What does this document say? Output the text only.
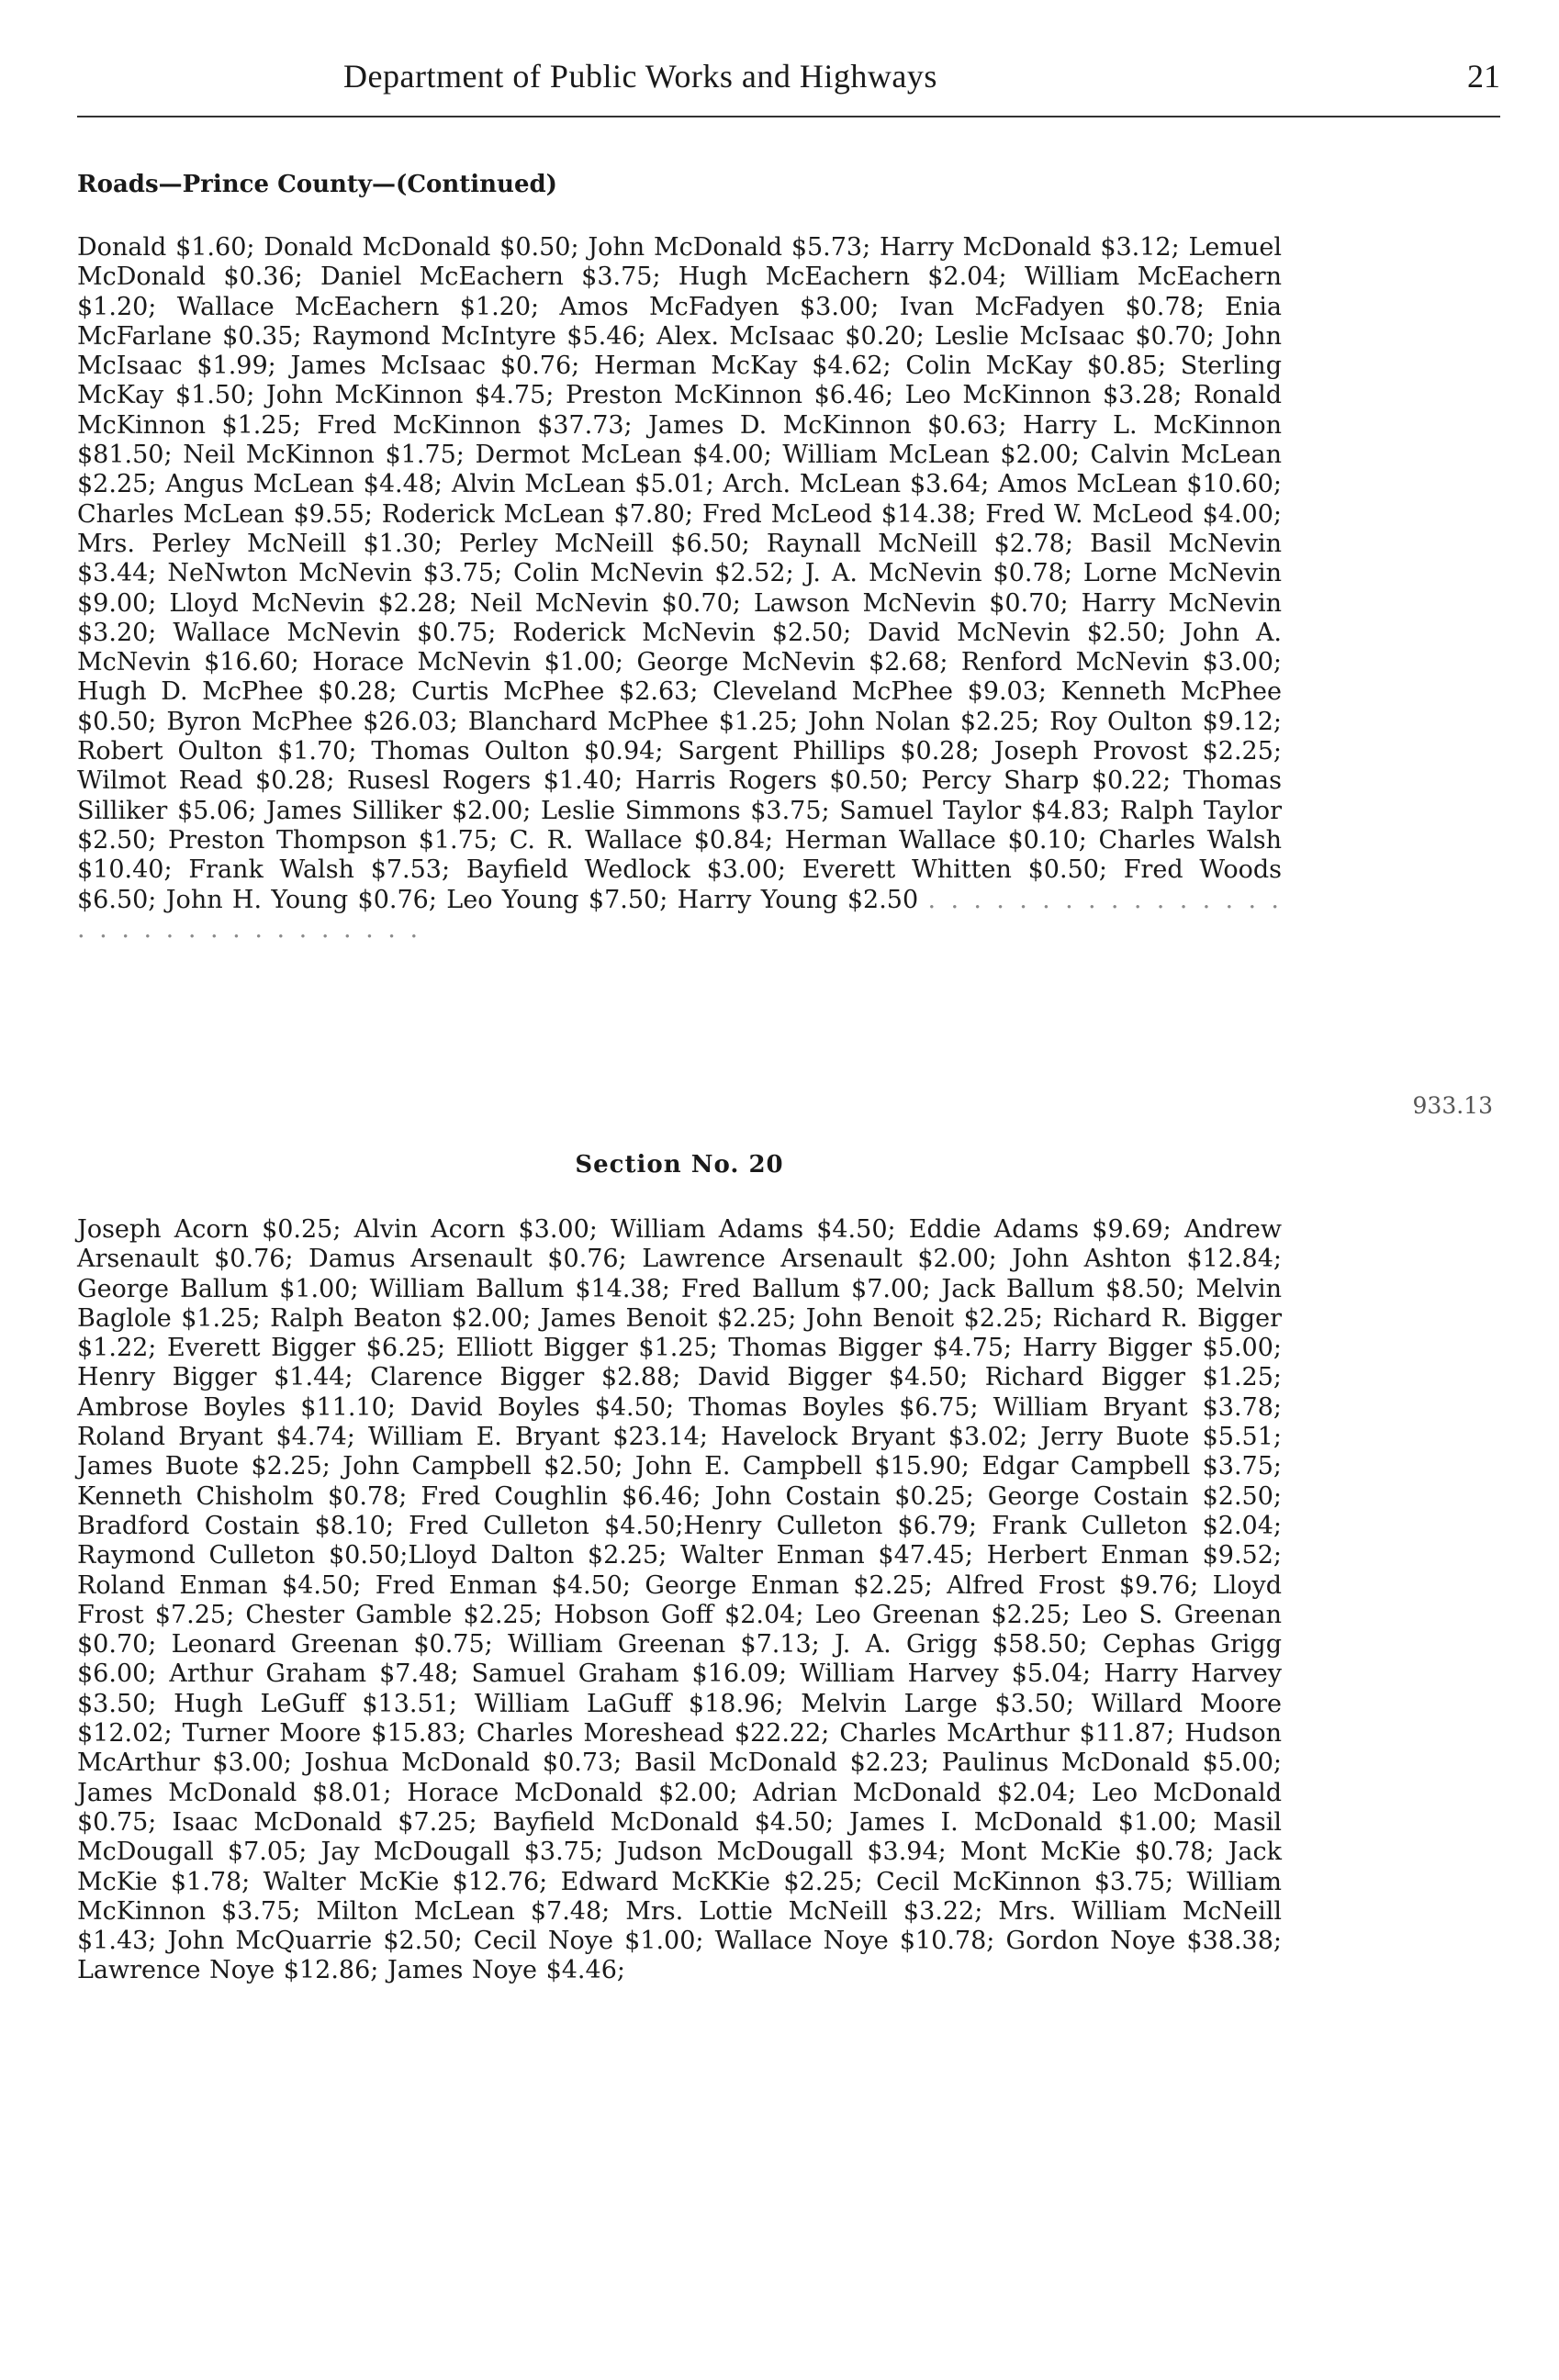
Department of Public Works and Highways	21
Roads—Prince County—(Continued)
Donald $1.60; Donald McDonald $0.50; John McDonald $5.73; Harry McDonald $3.12; Lemuel McDonald $0.36; Daniel McEachern $3.75; Hugh McEachern $2.04; William McEachern $1.20; Wallace McEachern $1.20; Amos McFadyen $3.00; Ivan McFadyen $0.78; Enia McFarlane $0.35; Raymond McIntyre $5.46; Alex. McIsaac $0.20; Leslie McIsaac $0.70; John McIsaac $1.99; James McIsaac $0.76; Herman McKay $4.62; Colin McKay $0.85; Sterling McKay $1.50; John McKinnon $4.75; Preston McKinnon $6.46; Leo McKinnon $3.28; Ronald McKinnon $1.25; Fred McKinnon $37.73; James D. McKinnon $0.63; Harry L. McKinnon $81.50; Neil McKinnon $1.75; Dermot McLean $4.00; William McLean $2.00; Calvin McLean $2.25; Angus McLean $4.48; Alvin McLean $5.01; Arch. McLean $3.64; Amos McLean $10.60; Charles McLean $9.55; Roderick McLean $7.80; Fred McLeod $14.38; Fred W. McLeod $4.00; Mrs. Perley McNeill $1.30; Perley McNeill $6.50; Raynall McNeill $2.78; Basil McNevin $3.44; NeNwton McNevin $3.75; Colin McNevin $2.52; J. A. McNevin $0.78; Lorne McNevin $9.00; Lloyd McNevin $2.28; Neil McNevin $0.70; Lawson McNevin $0.70; Harry McNevin $3.20; Wallace McNevin $0.75; Roderick McNevin $2.50; David McNevin $2.50; John A. McNevin $16.60; Horace McNevin $1.00; George McNevin $2.68; Renford McNevin $3.00; Hugh D. McPhee $0.28; Curtis McPhee $2.63; Cleveland McPhee $9.03; Kenneth McPhee $0.50; Byron McPhee $26.03; Blanchard McPhee $1.25; John Nolan $2.25; Roy Oulton $9.12; Robert Oulton $1.70; Thomas Oulton $0.94; Sargent Phillips $0.28; Joseph Provost $2.25; Wilmot Read $0.28; Rusesl Rogers $1.40; Harris Rogers $0.50; Percy Sharp $0.22; Thomas Silliker $5.06; James Silliker $2.00; Leslie Simmons $3.75; Samuel Taylor $4.83; Ralph Taylor $2.50; Preston Thompson $1.75; C. R. Wallace $0.84; Herman Wallace $0.10; Charles Walsh $10.40; Frank Walsh $7.53; Bayfield Wedlock $3.00; Everett Whitten $0.50; Fred Woods $6.50; John H. Young $0.76; Leo Young $7.50; Harry Young $2.50 . . . . . . . . . . . . . . . . . . . . . . . . . . . . . . . .
933.13
Section No. 20
Joseph Acorn $0.25; Alvin Acorn $3.00; William Adams $4.50; Eddie Adams $9.69; Andrew Arsenault $0.76; Damus Arsenault $0.76; Lawrence Arsenault $2.00; John Ashton $12.84; George Ballum $1.00; William Ballum $14.38; Fred Ballum $7.00; Jack Ballum $8.50; Melvin Baglole $1.25; Ralph Beaton $2.00; James Benoit $2.25; John Benoit $2.25; Richard R. Bigger $1.22; Everett Bigger $6.25; Elliott Bigger $1.25; Thomas Bigger $4.75; Harry Bigger $5.00; Henry Bigger $1.44; Clarence Bigger $2.88; David Bigger $4.50; Richard Bigger $1.25; Ambrose Boyles $11.10; David Boyles $4.50; Thomas Boyles $6.75; William Bryant $3.78; Roland Bryant $4.74; William E. Bryant $23.14; Havelock Bryant $3.02; Jerry Buote $5.51; James Buote $2.25; John Campbell $2.50; John E. Campbell $15.90; Edgar Campbell $3.75; Kenneth Chisholm $0.78; Fred Coughlin $6.46; John Costain $0.25; George Costain $2.50; Bradford Costain $8.10; Fred Culleton $4.50;Henry Culleton $6.79; Frank Culleton $2.04; Raymond Culleton $0.50;Lloyd Dalton $2.25; Walter Enman $47.45; Herbert Enman $9.52; Roland Enman $4.50; Fred Enman $4.50; George Enman $2.25; Alfred Frost $9.76; Lloyd Frost $7.25; Chester Gamble $2.25; Hobson Goff $2.04; Leo Greenan $2.25; Leo S. Greenan $0.70; Leonard Greenan $0.75; William Greenan $7.13; J. A. Grigg $58.50; Cephas Grigg $6.00; Arthur Graham $7.48; Samuel Graham $16.09; William Harvey $5.04; Harry Harvey $3.50; Hugh LeGuff $13.51; William LaGuff $18.96; Melvin Large $3.50; Willard Moore $12.02; Turner Moore $15.83; Charles Moreshead $22.22; Charles McArthur $11.87; Hudson McArthur $3.00; Joshua McDonald $0.73; Basil McDonald $2.23; Paulinus McDonald $5.00; James McDonald $8.01; Horace McDonald $2.00; Adrian McDonald $2.04; Leo McDonald $0.75; Isaac McDonald $7.25; Bayfield McDonald $4.50; James I. McDonald $1.00; Masil McDougall $7.05; Jay McDougall $3.75; Judson McDougall $3.94; Mont McKie $0.78; Jack McKie $1.78; Walter McKie $12.76; Edward McKKie $2.25; Cecil McKinnon $3.75; William McKinnon $3.75; Milton McLean $7.48; Mrs. Lottie McNeill $3.22; Mrs. William McNeill $1.43; John McQuarrie $2.50; Cecil Noye $1.00; Wallace Noye $10.78; Gordon Noye $38.38; Lawrence Noye $12.86; James Noye $4.46;
